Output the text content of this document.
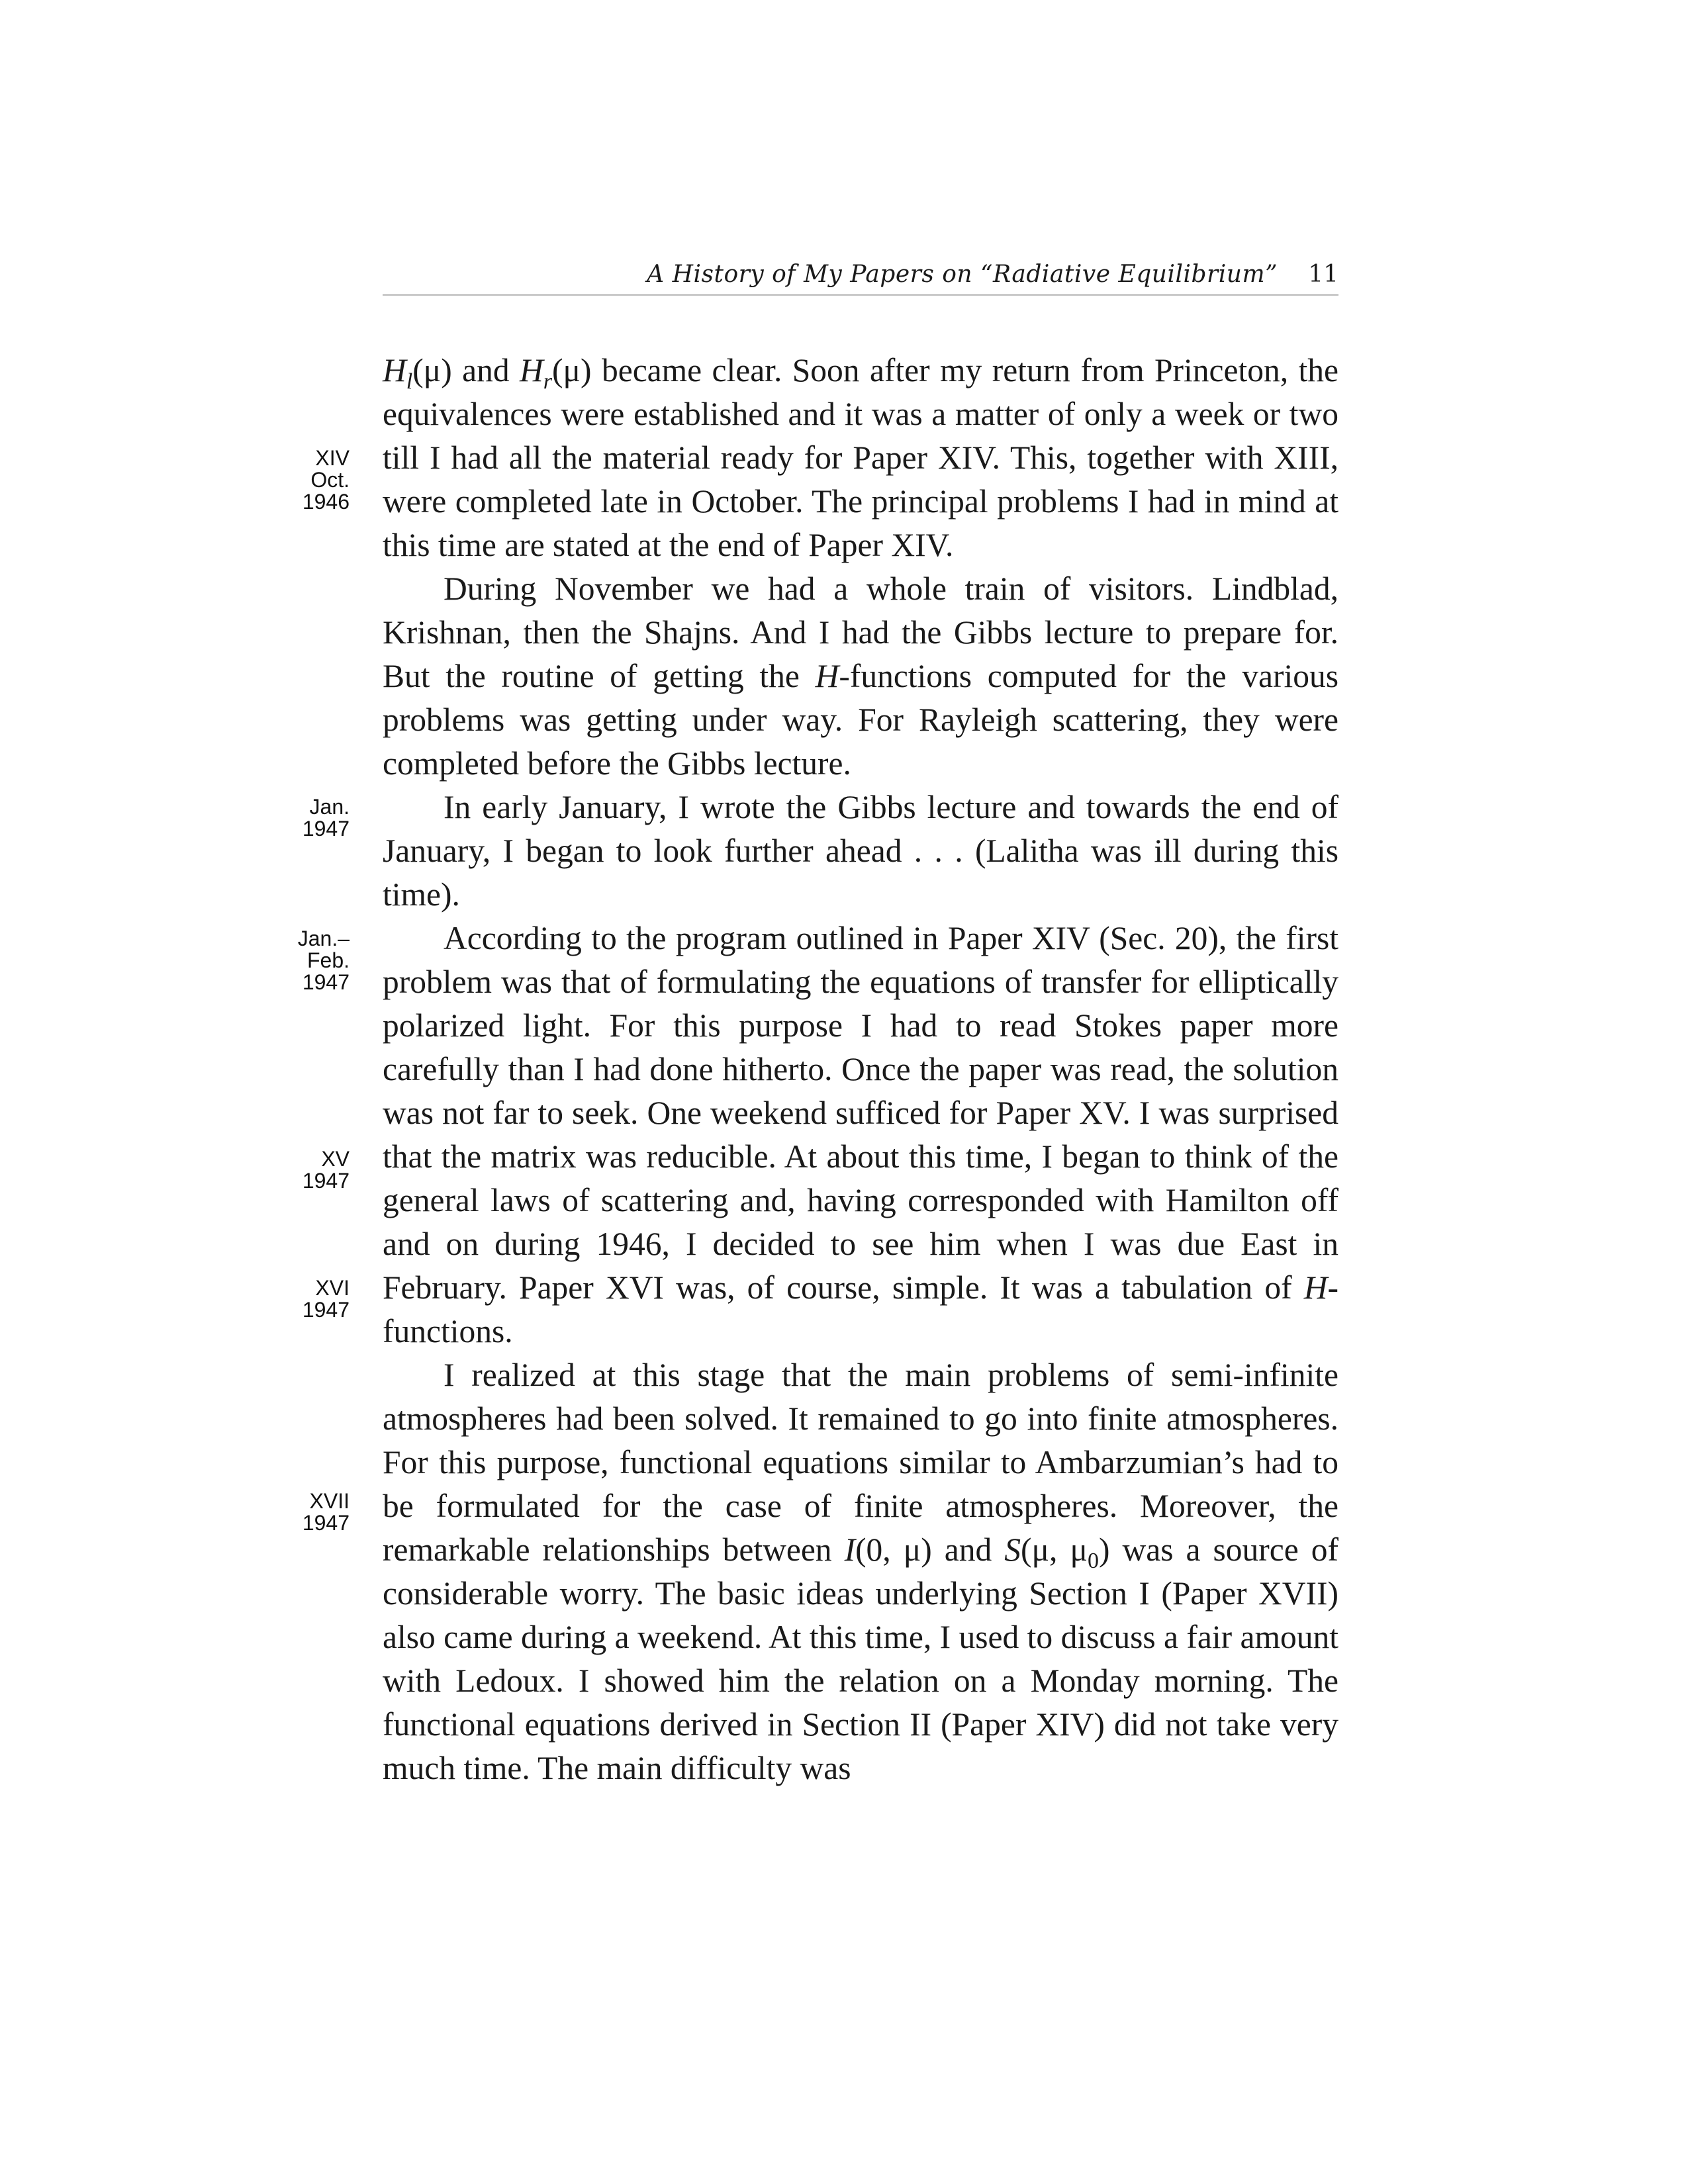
A History of My Papers on “Radiative Equilibrium” 11
XIV
Oct.
1946
Jan.
1947
Jan.–
Feb.
1947
XV
1947
XVI
1947
XVII
1947

$H_l(\mu)$ and $H_r(\mu)$ became clear. Soon after my return from Princeton, the equivalences were established and it was a matter of only a week or two till I had all the material ready for Paper XIV. This, together with XIII, were completed late in October. The principal problems I had in mind at this time are stated at the end of Paper XIV.

During November we had a whole train of visitors. Lindblad, Krishnan, then the Shajns. And I had the Gibbs lecture to prepare for. But the routine of getting the H-functions computed for the various problems was getting under way. For Rayleigh scattering, they were completed before the Gibbs lecture.

In early January, I wrote the Gibbs lecture and towards the end of January, I began to look further ahead . . . (Lalitha was ill during this time).

According to the program outlined in Paper XIV (Sec. 20), the first problem was that of formulating the equations of transfer for elliptically polarized light. For this purpose I had to read Stokes paper more carefully than I had done hitherto. Once the paper was read, the solution was not far to seek. One weekend sufficed for Paper XV. I was surprised that the matrix was reducible. At about this time, I began to think of the general laws of scattering and, having corresponded with Hamilton off and on during 1946, I decided to see him when I was due East in February. Paper XVI was, of course, simple. It was a tabulation of H-functions.

I realized at this stage that the main problems of semi-infinite atmospheres had been solved. It remained to go into finite atmospheres. For this purpose, functional equations similar to Ambarzumian’s had to be formulated for the case of finite atmospheres. Moreover, the remarkable relationships between I(0, μ) and S(μ, $\mu_0$) was a source of considerable worry. The basic ideas underlying Section I (Paper XVII) also came during a weekend. At this time, I used to discuss a fair amount with Ledoux. I showed him the relation on a Monday morning. The functional equations derived in Section II (Paper XIV) did not take very much time. The main difficulty was
